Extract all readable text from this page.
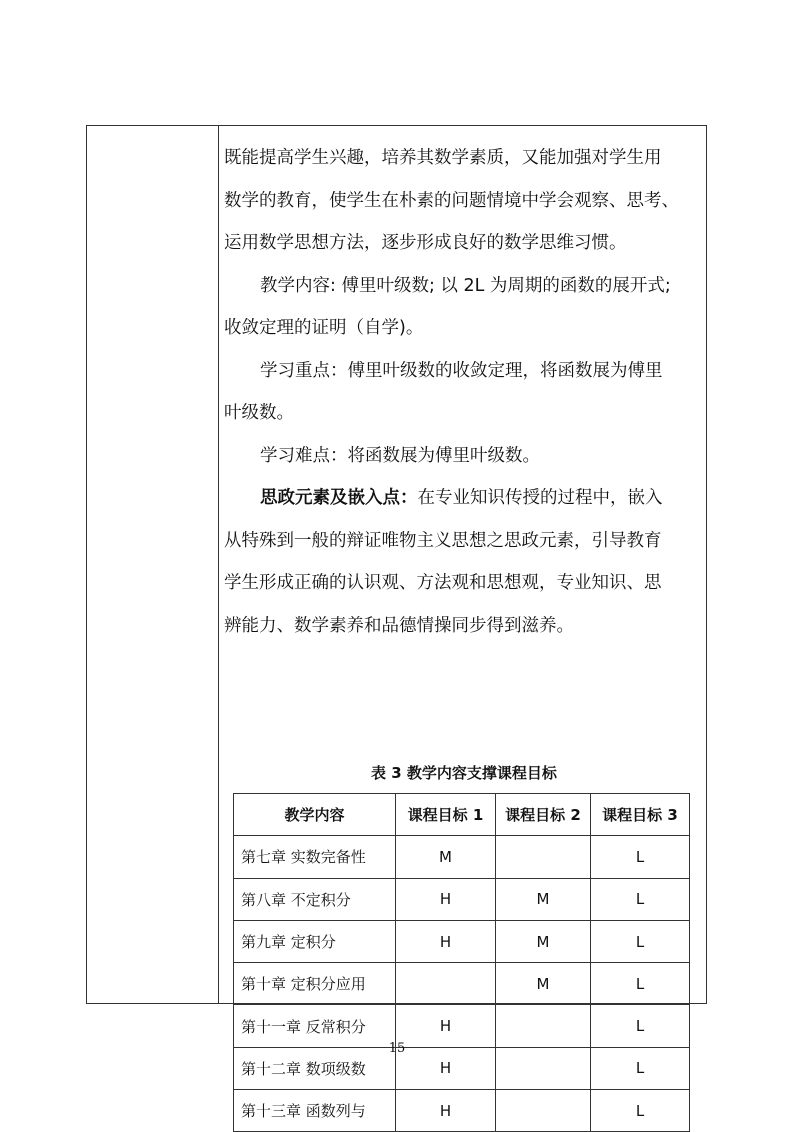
既能提高学生兴趣，培养其数学素质，又能加强对学生用
数学的教育，使学生在朴素的问题情境中学会观察、思考、
运用数学思想方法，逐步形成良好的数学思维习惯。

教学内容: 傅里叶级数; 以 2L 为周期的函数的展开式;
收敛定理的证明（自学)。

学习重点：傅里叶级数的收敛定理，将函数展为傅里
叶级数。

学习难点：将函数展为傅里叶级数。

思政元素及嵌入点：在专业知识传授的过程中，嵌入
从特殊到一般的辩证唯物主义思想之思政元素，引导教育
学生形成正确的认识观、方法观和思想观，专业知识、思
辨能力、数学素养和品德情操同步得到滋养。

表 3 教学内容支撑课程目标
教学内容	课程目标 1	课程目标 2	课程目标 3
第七章 实数完备性	M		L
第八章 不定积分	H	M	L
第九章 定积分	H	M	L
第十章 定积分应用		M	L
第十一章 反常积分	H		L
第十二章 数项级数	H		L
第十三章 函数列与	H		L
15
